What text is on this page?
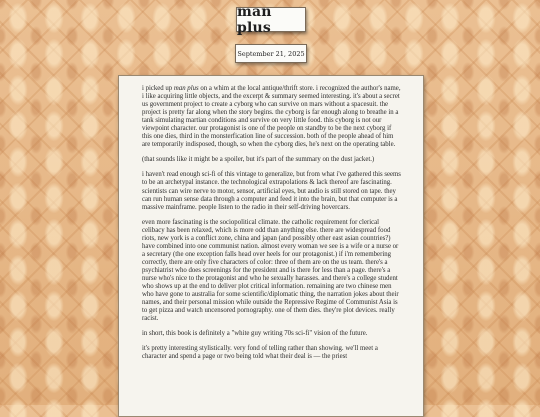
man plus
September 21, 2025

i picked up man plus on a whim at the local antique/thrift store. i recognized the author's name, i like acquiring little objects, and the excerpt & summary seemed interesting. it's about a secret us government project to create a cyborg who can survive on mars without a spacesuit. the project is pretty far along when the story begins. the cyborg is far enough along to breathe in a tank simulating martian conditions and survive on very little food. this cyborg is not our viewpoint character. our protagonist is one of the people on standby to be the next cyborg if this one dies, third in the monsterfication line of succession. both of the people ahead of him are temporarily indisposed, though, so when the cyborg dies, he's next on the operating table.

(that sounds like it might be a spoiler, but it's part of the summary on the dust jacket.)

i haven't read enough sci-fi of this vintage to generalize, but from what i've gathered this seems to be an archetypal instance. the technological extrapolations & lack thereof are fascinating. scientists can wire nerve to motor, sensor, artificial eyes, but audio is still stored on tape. they can run human sense data through a computer and feed it into the brain, but that computer is a massive mainframe. people listen to the radio in their self-driving hovercars.

even more fascinating is the sociopolitical climate. the catholic requirement for clerical celibacy has been relaxed, which is more odd than anything else. there are widespread food riots, new york is a conflict zone, china and japan (and possibly other east asian countries?) have combined into one communist nation. almost every woman we see is a wife or a nurse or a secretary (the one exception falls head over heels for our protagonist.) if i'm remembering correctly, there are only five characters of color: three of them are on the us team. there's a psychiatrist who does screenings for the president and is there for less than a page. there's a nurse who's nice to the protagonist and who he sexually harasses. and there's a college student who shows up at the end to deliver plot critical information. remaining are two chinese men who have gone to australia for some scientific/diplomatic thing, the narration jokes about their names, and their personal mission while outside the Repressive Regime of Communist Asia is to get pizza and watch uncensored pornography. one of them dies. they're plot devices. really racist.

in short, this book is definitely a "white guy writing 70s sci-fi" vision of the future.

it's pretty interesting stylistically. very fond of telling rather than showing. we'll meet a character and spend a page or two being told what their deal is — the priest
